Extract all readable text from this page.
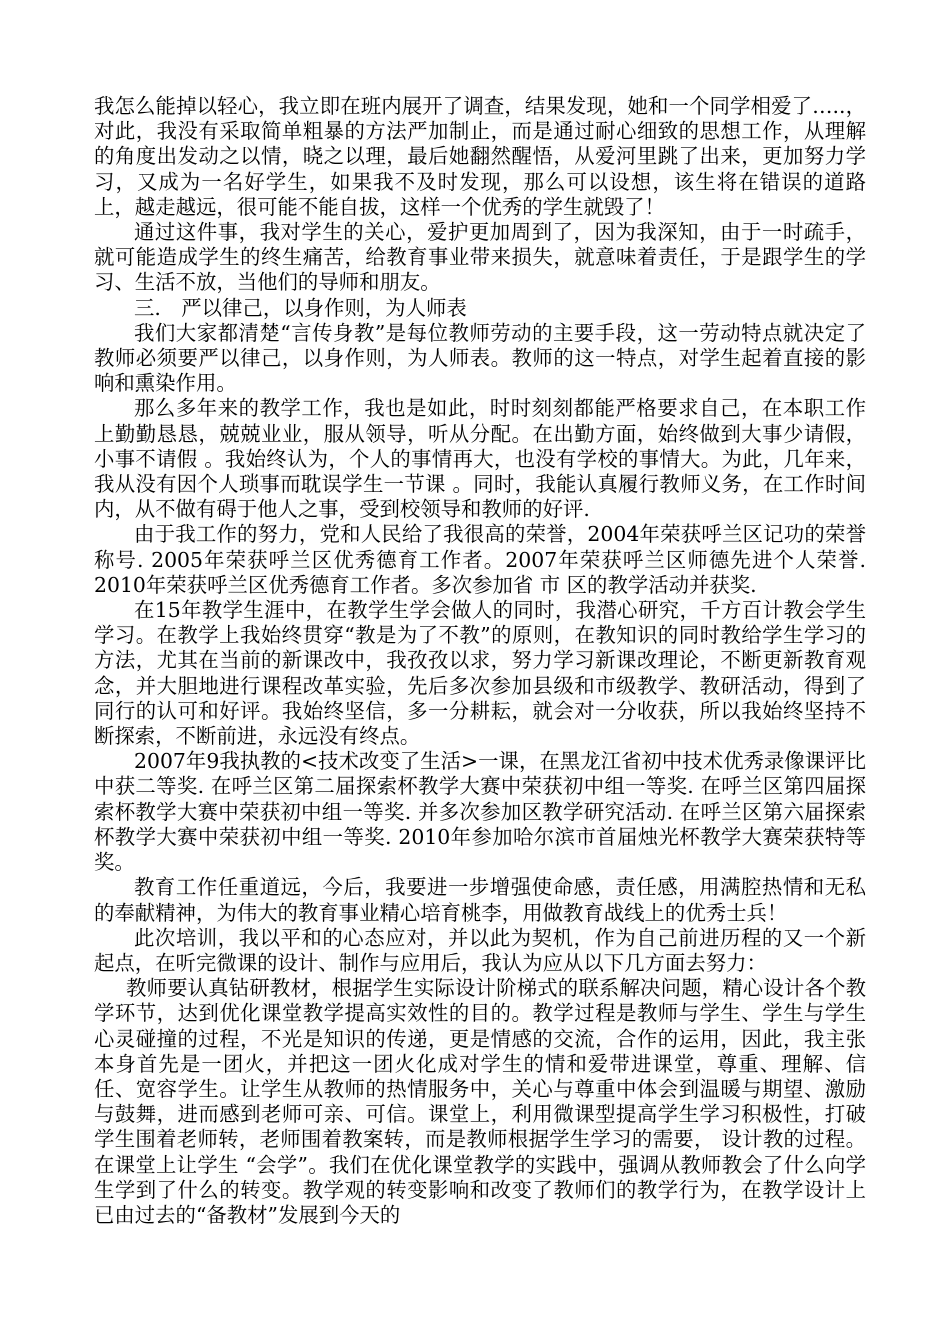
我怎么能掉以轻心，我立即在班内展开了调查，结果发现，她和一个同学相爱了…..，对此，我没有采取简单粗暴的方法严加制止，而是通过耐心细致的思想工作，从理解的角度出发动之以情，晓之以理，最后她翻然醒悟，从爱河里跳了出来，更加努力学习，又成为一名好学生，如果我不及时发现，那么可以设想，该生将在错误的道路上，越走越远，很可能不能自拔，这样一个优秀的学生就毁了！

通过这件事，我对学生的关心，爱护更加周到了，因为我深知，由于一时疏手，就可能造成学生的终生痛苦，给教育事业带来损失，就意味着责任，于是跟学生的学习、生活不放，当他们的导师和朋友。

三.　严以律己，以身作则，为人师表

我们大家都清楚“言传身教”是每位教师劳动的主要手段，这一劳动特点就决定了教师必须要严以律己，以身作则，为人师表。教师的这一特点，对学生起着直接的影响和熏染作用。

那么多年来的教学工作，我也是如此，时时刻刻都能严格要求自己，在本职工作上勤勤恳恳，兢兢业业，服从领导，听从分配。在出勤方面，始终做到大事少请假，小事不请假 。我始终认为，个人的事情再大，也没有学校的事情大。为此，几年来，我从没有因个人琐事而耽误学生一节课 。同时，我能认真履行教师义务，在工作时间内，从不做有碍于他人之事，受到校领导和教师的好评.

由于我工作的努力，党和人民给了我很高的荣誉，2004年荣获呼兰区记功的荣誉称号. 2005年荣获呼兰区优秀德育工作者。2007年荣获呼兰区师德先进个人荣誉. 2010年荣获呼兰区优秀德育工作者。多次参加省 市 区的教学活动并获奖.

在15年教学生涯中，在教学生学会做人的同时，我潜心研究，千方百计教会学生学习。在教学上我始终贯穿“教是为了不教”的原则，在教知识的同时教给学生学习的方法，尤其在当前的新课改中，我孜孜以求，努力学习新课改理论，不断更新教育观念，并大胆地进行课程改革实验，先后多次参加县级和市级教学、教研活动，得到了同行的认可和好评。我始终坚信，多一分耕耘，就会对一分收获，所以我始终坚持不断探索，不断前进，永远没有终点。

2007年9我执教的<技术改变了生活>一课，在黑龙江省初中技术优秀录像课评比中获二等奖. 在呼兰区第二届探索杯教学大赛中荣获初中组一等奖. 在呼兰区第四届探索杯教学大赛中荣获初中组一等奖. 并多次参加区教学研究活动. 在呼兰区第六届探索杯教学大赛中荣获初中组一等奖. 2010年参加哈尔滨市首届烛光杯教学大赛荣获特等奖。

教育工作任重道远，今后，我要进一步增强使命感，责任感，用满腔热情和无私的奉献精神，为伟大的教育事业精心培育桃李，用做教育战线上的优秀士兵！

此次培训，我以平和的心态应对，并以此为契机，作为自己前进历程的又一个新起点，在听完微课的设计、制作与应用后，我认为应从以下几方面去努力：

教师要认真钻研教材，根据学生实际设计阶梯式的联系解决问题，精心设计各个教学环节，达到优化课堂教学提高实效性的目的。教学过程是教师与学生、学生与学生心灵碰撞的过程，不光是知识的传递，更是情感的交流，合作的运用，因此，我主张本身首先是一团火，并把这一团火化成对学生的情和爱带进课堂，尊重、理解、信任、宽容学生。让学生从教师的热情服务中，关心与尊重中体会到温暖与期望、激励与鼓舞，进而感到老师可亲、可信。课堂上，利用微课型提高学生学习积极性，打破学生围着老师转，老师围着教案转，而是教师根据学生学习的需要， 设计教的过程。在课堂上让学生 “会学”。我们在优化课堂教学的实践中，强调从教师教会了什么向学 生学到了什么的转变。教学观的转变影响和改变了教师们的教学行为，在教学设计上已由过去的“备教材”发展到今天的
